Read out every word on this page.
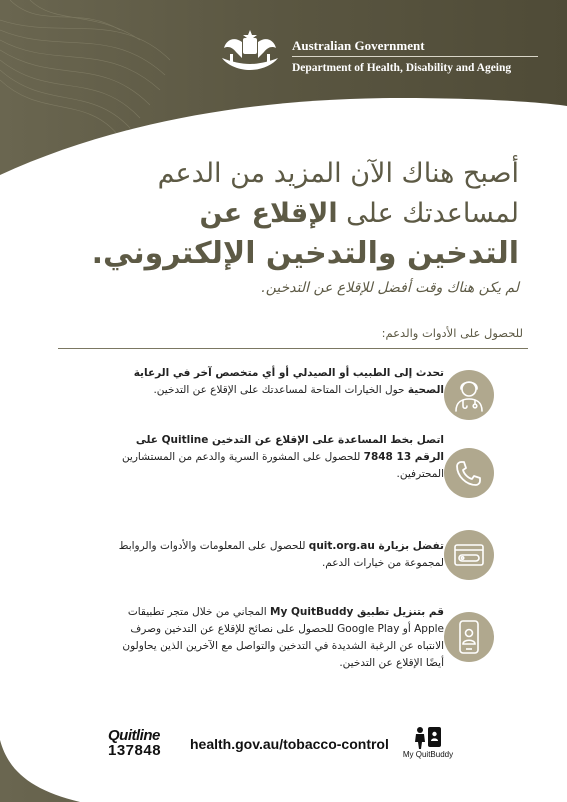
Australian Government
Department of Health, Disability and Ageing
أصبح هناك الآن المزيد من الدعم
لمساعدتك على الإقلاع عن
التدخين والتدخين الإلكتروني.
لم يكن هناك وقت أفضل للإقلاع عن التدخين.
للحصول على الأدوات والدعم:
تحدث إلى الطبيب أو الصيدلي أو أي متخصص آخر في الرعاية الصحية حول الخيارات المتاحة لمساعدتك على الإقلاع عن التدخين.
اتصل بخط المساعدة على الإقلاع عن التدخين Quitline على الرقم 13 7848 للحصول على المشورة السرية والدعم من المستشارين المحترفين.
تفضل بزيارة quit.org.au للحصول على المعلومات والأدوات والروابط لمجموعة من خيارات الدعم.
قم بتنزيل تطبيق My QuitBuddy المجاني من خلال متجر تطبيقات Apple أو Google Play للحصول على نصائح للإقلاع عن التدخين وصرف الانتباه عن الرغبة الشديدة في التدخين والتواصل مع الآخرين الذين يحاولون أيضًا الإقلاع عن التدخين.
Quitline
137848	health.gov.au/tobacco-control
My QuitBuddy
